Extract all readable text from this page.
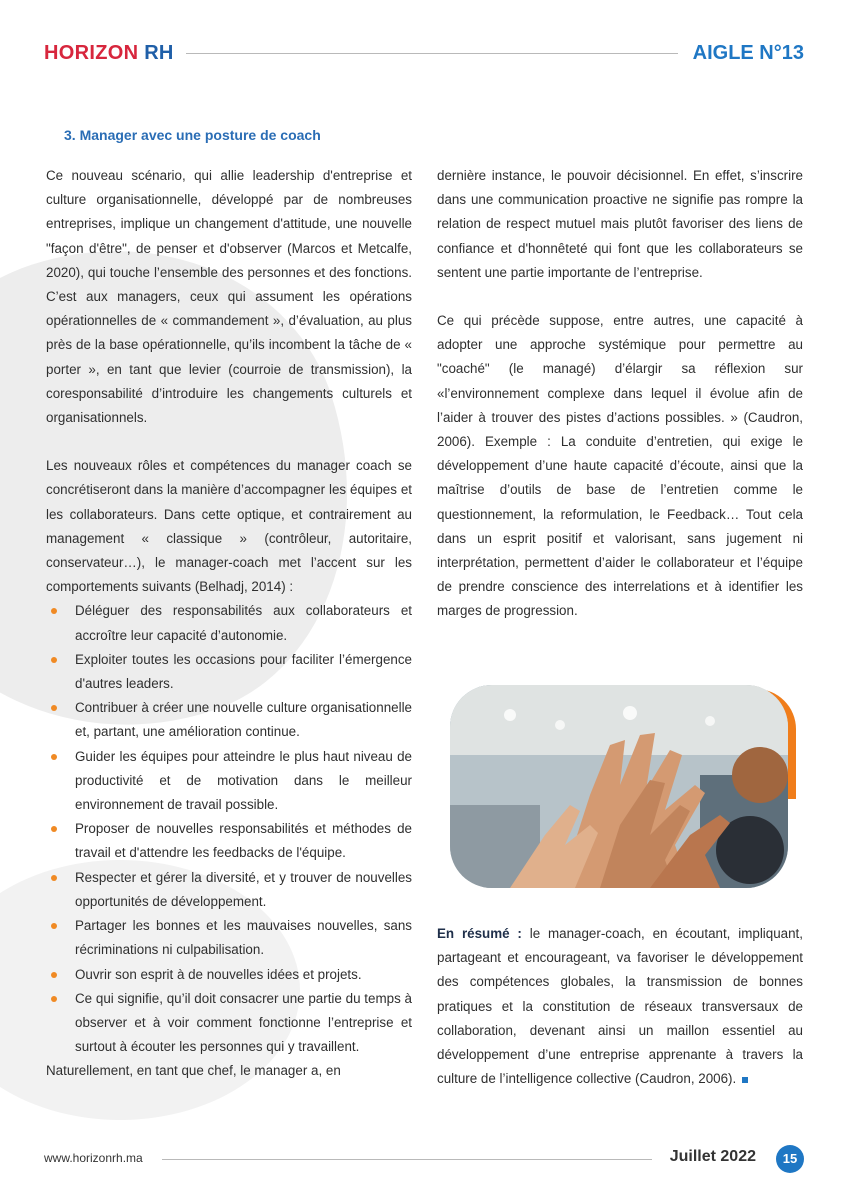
HORIZON RH	AIGLE N°13
3. Manager avec une posture de coach

Ce nouveau scénario, qui allie leadership d'entreprise et culture organisationnelle, développé par de nombreuses entreprises, implique un changement d'attitude, une nouvelle "façon d'être", de penser et d'observer (Marcos et Metcalfe, 2020), qui touche l’ensemble des personnes et des fonctions. C’est aux managers, ceux qui assument les opérations opérationnelles de « commandement », d’évaluation, au plus près de la base opérationnelle, qu’ils incombent la tâche de « porter », en tant que levier (courroie de transmission), la coresponsabilité d’introduire les changements culturels et organisationnels.

Les nouveaux rôles et compétences du manager coach se concrétiseront dans la manière d’accompagner les équipes et les collaborateurs. Dans cette optique, et contrairement au management « classique » (contrôleur, autoritaire, conservateur…), le manager-coach met l’accent sur les comportements suivants (Belhadj, 2014) :

Déléguer des responsabilités aux collaborateurs et accroître leur capacité d’autonomie.
Exploiter toutes les occasions pour faciliter l’émergence d'autres leaders.
Contribuer à créer une nouvelle culture organisationnelle et, partant, une amélioration continue.
Guider les équipes pour atteindre le plus haut niveau de productivité et de motivation dans le meilleur environnement de travail possible.
Proposer de nouvelles responsabilités et méthodes de travail et d'attendre les feedbacks de l'équipe.
Respecter et gérer la diversité, et y trouver de nouvelles opportunités de développement.
Partager les bonnes et les mauvaises nouvelles, sans récriminations ni culpabilisation.
Ouvrir son esprit à de nouvelles idées et projets.
Ce qui signifie, qu’il doit consacrer une partie du temps à observer et à voir comment fonctionne l’entreprise et surtout à écouter les personnes qui y travaillent.

Naturellement, en tant que chef, le manager a, en

dernière instance, le pouvoir décisionnel. En effet, s’inscrire dans une communication proactive ne signifie pas rompre la relation de respect mutuel mais plutôt favoriser des liens de confiance et d'honnêteté qui font que les collaborateurs se sentent une partie importante de l’entreprise.

Ce qui précède suppose, entre autres, une capacité à adopter une approche systémique pour permettre au "coaché" (le managé) d’élargir sa réflexion sur «l’environnement complexe dans lequel il évolue afin de l’aider à trouver des pistes d’actions possibles. » (Caudron, 2006). Exemple : La conduite d’entretien, qui exige le développement d’une haute capacité d’écoute, ainsi que la maîtrise d’outils de base de l’entretien comme le questionnement, la reformulation, le Feedback… Tout cela dans un esprit positif et valorisant, sans jugement ni interprétation, permettent d’aider le collaborateur et l’équipe de prendre conscience des interrelations et à identifier les marges de progression.

En résumé : le manager-coach, en écoutant, impliquant, partageant et encourageant, va favoriser le développement des compétences globales, la transmission de bonnes pratiques et la constitution de réseaux transversaux de collaboration, devenant ainsi un maillon essentiel au développement d’une entreprise apprenante à travers la culture de l’intelligence collective (Caudron, 2006).
www.horizonrh.ma	Juillet 2022	15
